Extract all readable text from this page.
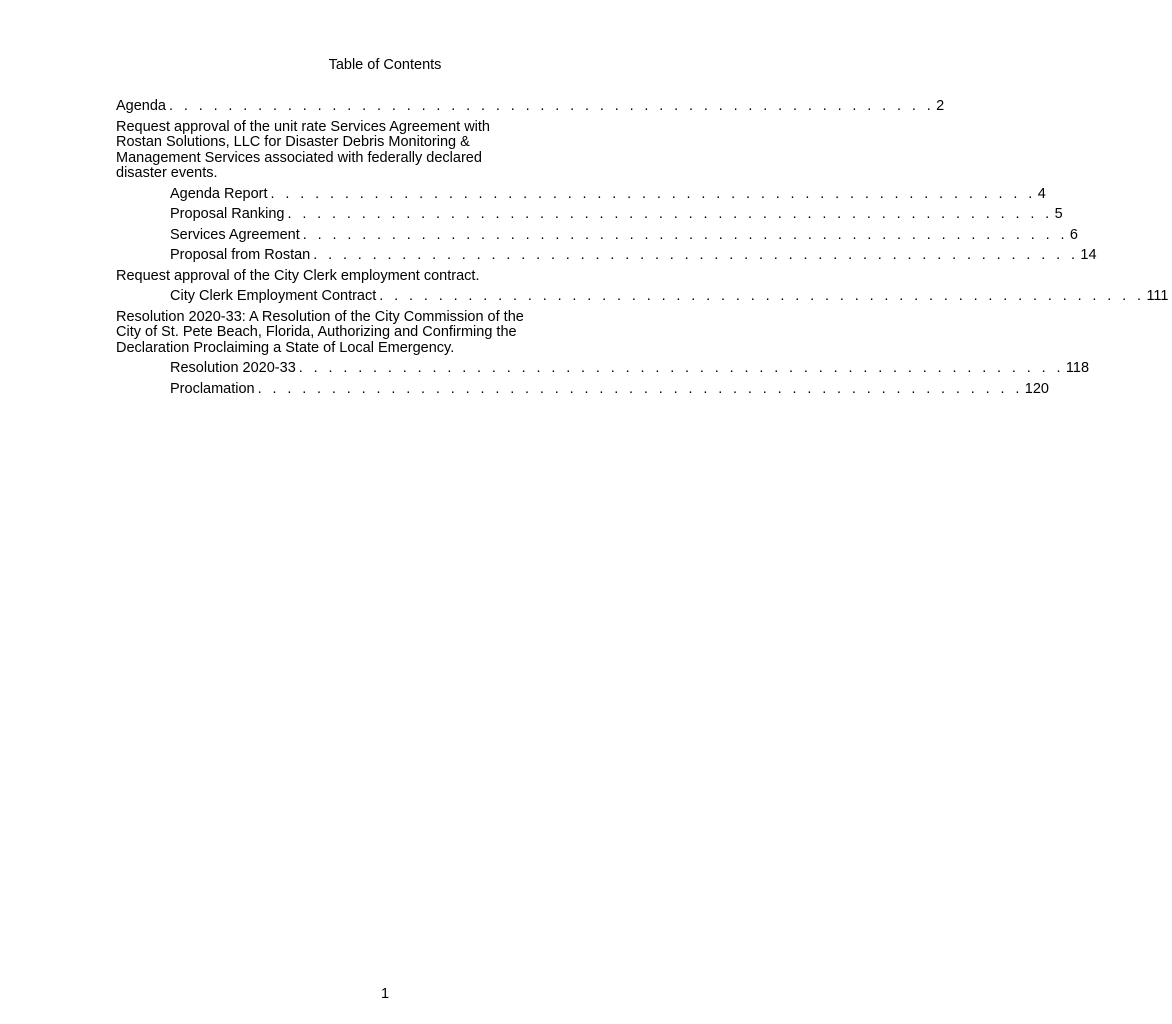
Table of Contents
Agenda . . . . . . . . . . . . . . . . . . . . . . . . . . . . . . . . . . . . . . . . . . . . . . . . . . . . 2
Request approval of the unit rate Services Agreement with
Rostan Solutions, LLC for Disaster Debris Monitoring &
Management Services associated with federally declared
disaster events.
Agenda Report . . . . . . . . . . . . . . . . . . . . . . . . . . . . . . . . . . . . . . . . . . . . . . . . . . . . 4
Proposal Ranking . . . . . . . . . . . . . . . . . . . . . . . . . . . . . . . . . . . . . . . . . . . . . . . . . . . . 5
Services Agreement . . . . . . . . . . . . . . . . . . . . . . . . . . . . . . . . . . . . . . . . . . . . . . . . . . . . 6
Proposal from Rostan . . . . . . . . . . . . . . . . . . . . . . . . . . . . . . . . . . . . . . . . . . . . . . . . . . . . 14
Request approval of the City Clerk employment contract.
City Clerk Employment Contract . . . . . . . . . . . . . . . . . . . . . . . . . . . . . . . . . . . . . . . . . . . . . . . . . . . . 111
Resolution 2020-33: A Resolution of the City Commission of the
City of St. Pete Beach, Florida, Authorizing and Confirming the
Declaration Proclaiming a State of Local Emergency.
Resolution 2020-33 . . . . . . . . . . . . . . . . . . . . . . . . . . . . . . . . . . . . . . . . . . . . . . . . . . . . 118
Proclamation . . . . . . . . . . . . . . . . . . . . . . . . . . . . . . . . . . . . . . . . . . . . . . . . . . . . 120
1
